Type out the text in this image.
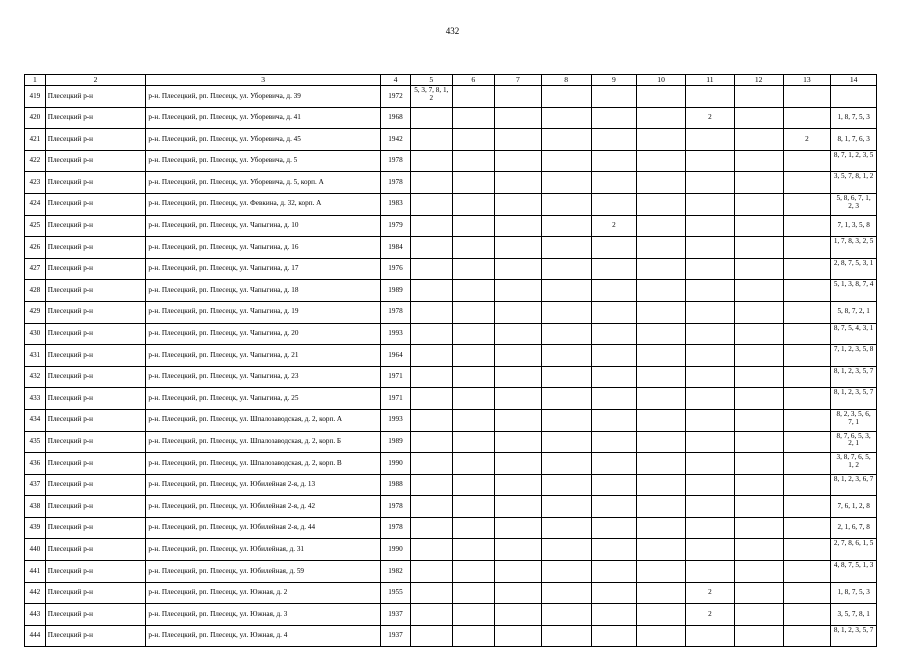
432
1	2	3	4	5	6	7	8	9	10	11	12	13	14
419	Плесецкий р-н	р-н. Плесецкий, рп. Плесецк, ул. Уборевича, д. 39	1972	5, 3, 7, 8, 1, 2									
420	Плесецкий р-н	р-н. Плесецкий, рп. Плесецк, ул. Уборевича, д. 41	1968							2			1, 8, 7, 5, 3
421	Плесецкий р-н	р-н. Плесецкий, рп. Плесецк, ул. Уборевича, д. 45	1942									2	8, 1, 7, 6, 3
422	Плесецкий р-н	р-н. Плесецкий, рп. Плесецк, ул. Уборевича, д. 5	1978										8, 7, 1, 2, 3, 5
423	Плесецкий р-н	р-н. Плесецкий, рп. Плесецк, ул. Уборевича, д. 5, корп. А	1978										3, 5, 7, 8, 1, 2
424	Плесецкий р-н	р-н. Плесецкий, рп. Плесецк, ул. Февкина, д. 32, корп. А	1983										5, 8, 6, 7, 1, 2, 3
425	Плесецкий р-н	р-н. Плесецкий, рп. Плесецк, ул. Чапыгина, д. 10	1979					2					7, 1, 3, 5, 8
426	Плесецкий р-н	р-н. Плесецкий, рп. Плесецк, ул. Чапыгина, д. 16	1984										1, 7, 8, 3, 2, 5
427	Плесецкий р-н	р-н. Плесецкий, рп. Плесецк, ул. Чапыгина, д. 17	1976										2, 8, 7, 5, 3, 1
428	Плесецкий р-н	р-н. Плесецкий, рп. Плесецк, ул. Чапыгина, д. 18	1989										5, 1, 3, 8, 7, 4
429	Плесецкий р-н	р-н. Плесецкий, рп. Плесецк, ул. Чапыгина, д. 19	1978										5, 8, 7, 2, 1
430	Плесецкий р-н	р-н. Плесецкий, рп. Плесецк, ул. Чапыгина, д. 20	1993										8, 7, 5, 4, 3, 1
431	Плесецкий р-н	р-н. Плесецкий, рп. Плесецк, ул. Чапыгина, д. 21	1964										7, 1, 2, 3, 5, 8
432	Плесецкий р-н	р-н. Плесецкий, рп. Плесецк, ул. Чапыгина, д. 23	1971										8, 1, 2, 3, 5, 7
433	Плесецкий р-н	р-н. Плесецкий, рп. Плесецк, ул. Чапыгина, д. 25	1971										8, 1, 2, 3, 5, 7
434	Плесецкий р-н	р-н. Плесецкий, рп. Плесецк, ул. Шпалозаводская, д. 2, корп. А	1993										8, 2, 3, 5, 6, 7, 1
435	Плесецкий р-н	р-н. Плесецкий, рп. Плесецк, ул. Шпалозаводская, д. 2, корп. Б	1989										8, 7, 6, 5, 3, 2, 1
436	Плесецкий р-н	р-н. Плесецкий, рп. Плесецк, ул. Шпалозаводская, д. 2, корп. В	1990										3, 8, 7, 6, 5, 1, 2
437	Плесецкий р-н	р-н. Плесецкий, рп. Плесецк, ул. Юбилейная 2-я, д. 13	1988										8, 1, 2, 3, 6, 7
438	Плесецкий р-н	р-н. Плесецкий, рп. Плесецк, ул. Юбилейная 2-я, д. 42	1978										7, 6, 1, 2, 8
439	Плесецкий р-н	р-н. Плесецкий, рп. Плесецк, ул. Юбилейная 2-я, д. 44	1978										2, 1, 6, 7, 8
440	Плесецкий р-н	р-н. Плесецкий, рп. Плесецк, ул. Юбилейная, д. 31	1990										2, 7, 8, 6, 1, 5
441	Плесецкий р-н	р-н. Плесецкий, рп. Плесецк, ул. Юбилейная, д. 59	1982										4, 8, 7, 5, 1, 3
442	Плесецкий р-н	р-н. Плесецкий, рп. Плесецк, ул. Южная, д. 2	1955							2			1, 8, 7, 5, 3
443	Плесецкий р-н	р-н. Плесецкий, рп. Плесецк, ул. Южная, д. 3	1937							2			3, 5, 7, 8, 1
444	Плесецкий р-н	р-н. Плесецкий, рп. Плесецк, ул. Южная, д. 4	1937										8, 1, 2, 3, 5, 7
